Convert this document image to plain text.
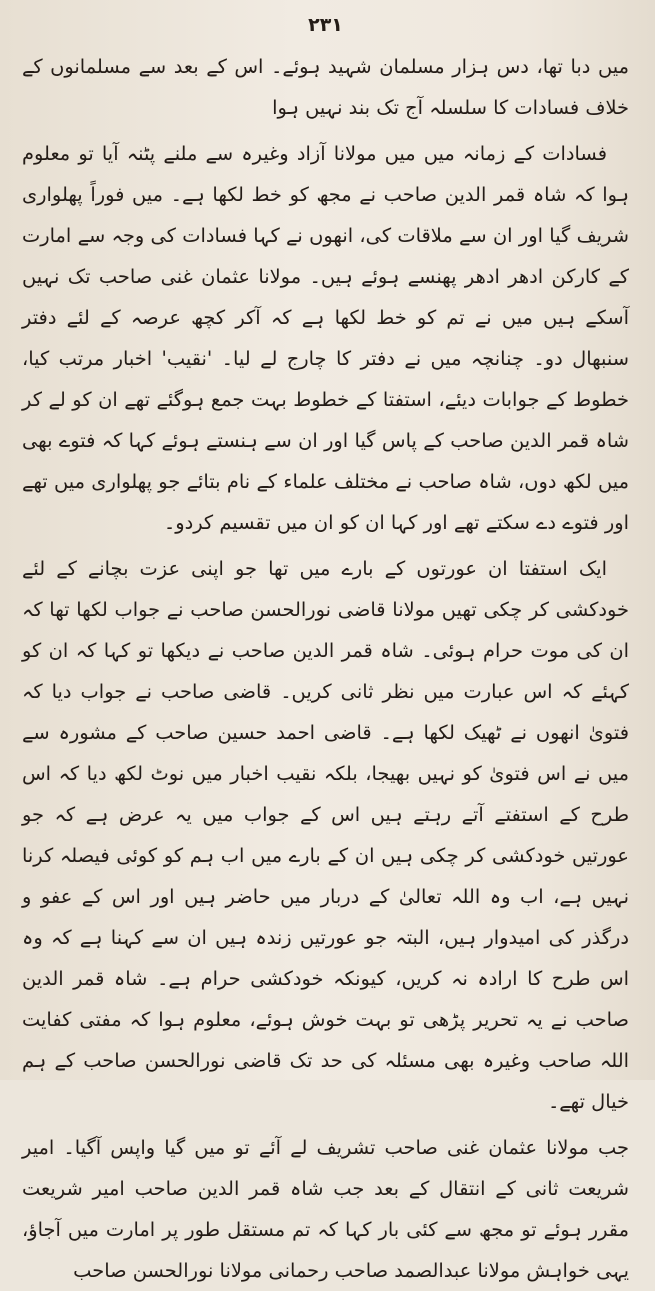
۲۳۱

میں دبا تھا، دس ہزار مسلمان شہید ہوئے۔ اس کے بعد سے مسلمانوں کے خلاف فسادات کا سلسلہ آج تک بند نہیں ہوا

فسادات کے زمانہ میں میں مولانا آزاد وغیرہ سے ملنے پٹنہ آیا تو معلوم ہوا کہ شاہ قمر الدین صاحب نے مجھ کو خط لکھا ہے۔ میں فوراً پھلواری شریف گیا اور ان سے ملاقات کی، انھوں نے کہا فسادات کی وجہ سے امارت کے کارکن ادھر ادھر پھنسے ہوئے ہیں۔ مولانا عثمان غنی صاحب تک نہیں آسکے ہیں میں نے تم کو خط لکھا ہے کہ آکر کچھ عرصہ کے لئے دفتر سنبھال دو۔ چنانچہ میں نے دفتر کا چارج لے لیا۔ 'نقیب' اخبار مرتب کیا، خطوط کے جوابات دیئے، استفتا کے خطوط بہت جمع ہوگئے تھے ان کو لے کر شاہ قمر الدین صاحب کے پاس گیا اور ان سے ہنستے ہوئے کہا کہ فتوے بھی میں لکھ دوں، شاہ صاحب نے مختلف علماء کے نام بتائے جو پھلواری میں تھے اور فتوے دے سکتے تھے اور کہا ان کو ان میں تقسیم کردو۔

ایک استفتا ان عورتوں کے بارے میں تھا جو اپنی عزت بچانے کے لئے خودکشی کر چکی تھیں مولانا قاضی نورالحسن صاحب نے جواب لکھا تھا کہ ان کی موت حرام ہوئی۔ شاہ قمر الدین صاحب نے دیکھا تو کہا کہ ان کو کہئے کہ اس عبارت میں نظر ثانی کریں۔ قاضی صاحب نے جواب دیا کہ فتویٰ انھوں نے ٹھیک لکھا ہے۔ قاضی احمد حسین صاحب کے مشورہ سے میں نے اس فتویٰ کو نہیں بھیجا، بلکہ نقیب اخبار میں نوٹ لکھ دیا کہ اس طرح کے استفتے آتے رہتے ہیں اس کے جواب میں یہ عرض ہے کہ جو عورتیں خودکشی کر چکی ہیں ان کے بارے میں اب ہم کو کوئی فیصلہ کرنا نہیں ہے، اب وہ اللہ تعالیٰ کے دربار میں حاضر ہیں اور اس کے عفو و درگذر کی امیدوار ہیں، البتہ جو عورتیں زندہ ہیں ان سے کہنا ہے کہ وہ اس طرح کا ارادہ نہ کریں، کیونکہ خودکشی حرام ہے۔ شاہ قمر الدین صاحب نے یہ تحریر پڑھی تو بہت خوش ہوئے، معلوم ہوا کہ مفتی کفایت اللہ صاحب وغیرہ بھی مسئلہ کی حد تک قاضی نورالحسن صاحب کے ہم خیال تھے۔

جب مولانا عثمان غنی صاحب تشریف لے آئے تو میں گیا واپس آگیا۔ امیر شریعت ثانی کے انتقال کے بعد جب شاہ قمر الدین صاحب امیر شریعت مقرر ہوئے تو مجھ سے کئی بار کہا کہ تم مستقل طور پر امارت میں آجاؤ، یہی خواہش مولانا عبدالصمد صاحب رحمانی مولانا نورالحسن صاحب
